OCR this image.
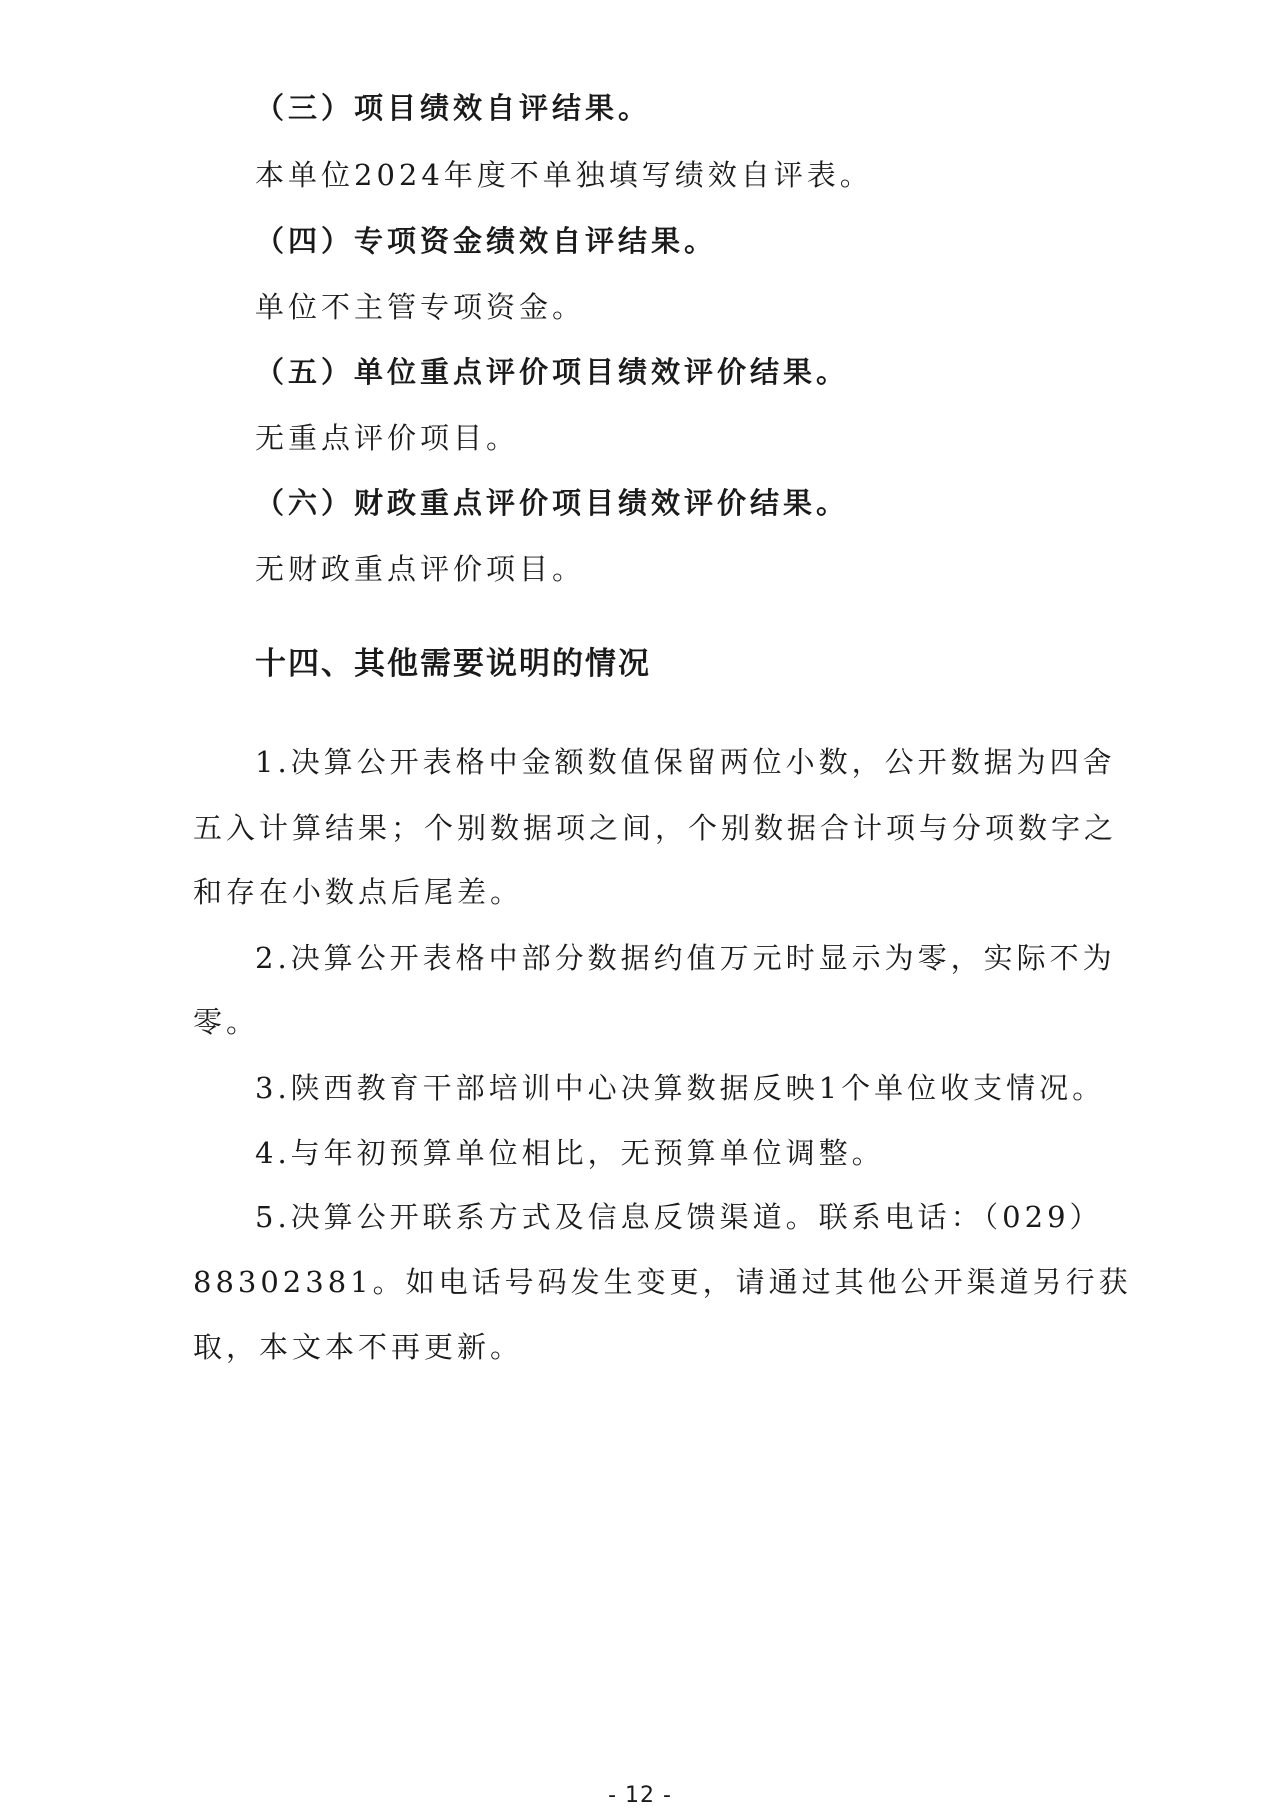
（三）项目绩效自评结果。
本单位2024年度不单独填写绩效自评表。
（四）专项资金绩效自评结果。
单位不主管专项资金。
（五）单位重点评价项目绩效评价结果。
无重点评价项目。
（六）财政重点评价项目绩效评价结果。
无财政重点评价项目。
十四、其他需要说明的情况
1.决算公开表格中金额数值保留两位小数，公开数据为四舍
五入计算结果；个别数据项之间，个别数据合计项与分项数字之
和存在小数点后尾差。
2.决算公开表格中部分数据约值万元时显示为零，实际不为
零。
3.陕西教育干部培训中心决算数据反映1个单位收支情况。
4.与年初预算单位相比，无预算单位调整。
5.决算公开联系方式及信息反馈渠道。联系电话：（029）
88302381。如电话号码发生变更，请通过其他公开渠道另行获
取，本文本不再更新。
- 12 -
